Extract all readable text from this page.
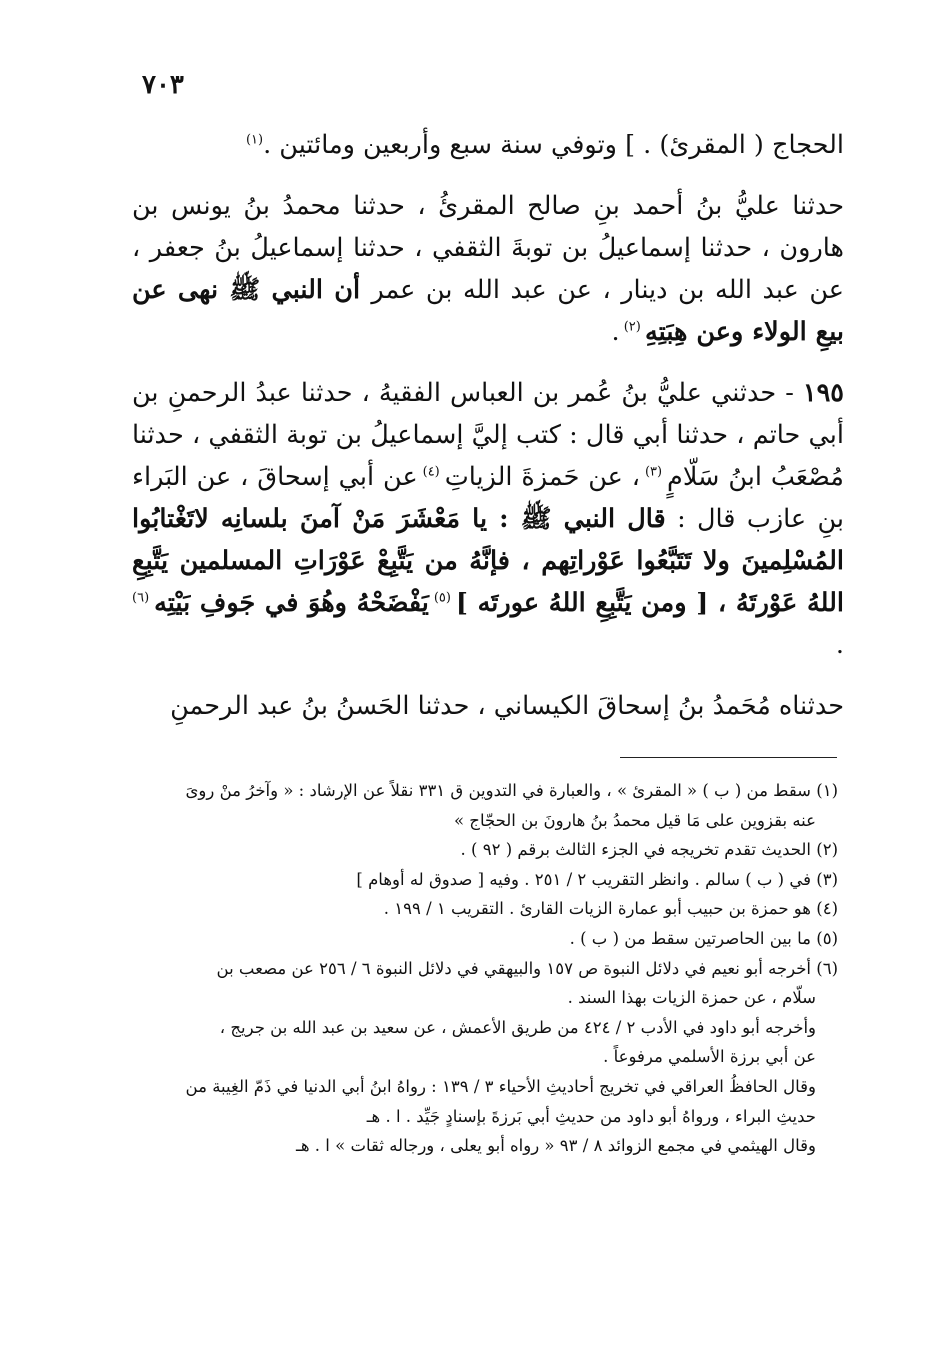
٧٠٣

الحجاج ( المقرئ) . ] وتوفي سنة سبع وأربعين ومائتين .$^{(١)}$

حدثنا عليُّ بنُ أحمد بنِ صالح المقرئُ ، حدثنا محمدُ بنُ يونس بن هارون ، حدثنا إسماعيلُ بن توبةَ الثقفي ، حدثنا إسماعيلُ بنُ جعفر ، عن عبد الله بن دينار ، عن عبد الله بن عمر أن النبي ﷺ نهى عن بيعِ الولاء وعن هِبَتِهِ $^{(٢)}$ .

١٩٥ - حدثني عليُّ بنُ عُمر بن العباس الفقيهُ ، حدثنا عبدُ الرحمنِ بن أبي حاتم ، حدثنا أبي قال : كتب إليَّ إسماعيلُ بن توبة الثقفي ، حدثنا مُصْعَبُ ابنُ سَلّامٍ $^{(٣)}$ ، عن حَمزةَ الزياتِ $^{(٤)}$ عن أبي إسحاقَ ، عن البَراء بنِ عازب قال : قال النبي ﷺ : يا مَعْشَرَ مَنْ آمنَ بلسانِه لاتَغْتابُوا المُسْلِمينَ ولا تَتَبَّعُوا عَوْراتِهم ، فإنَّهُ من يَتَّبِعْ عَوْرَاتِ المسلمين يَتَّبِعِ اللهُ عَوْرتَهُ ، [ ومن يَتَّبِعِ اللهُ عورتَه ] $^{(٥)}$ يَفْضَحْهُ وهُوَ في جَوفِ بَيْتِه $^{(٦)}$ .

حدثناه مُحَمدُ بنُ إسحاقَ الكيساني ، حدثنا الحَسنُ بنُ عبد الرحمنِ

(١) سقط من ( ب ) « المقرئ » ، والعبارة في التدوين ق ٣٣١ نقلاً عن الإرشاد : « وآخرُ منْ روىَ

عنه بقزوين على مَا قيل محمدُ بنُ هارونَ بن الحجّاج »

(٢) الحديث تقدم تخريجه في الجزء الثالث برقم ( ٩٢ ) .

(٣) في ( ب ) سالم . وانظر التقريب ٢ / ٢٥١ . وفيه [ صدوق له أوهام ]

(٤) هو حمزة بن حبيب أبو عمارة الزيات القارئ . التقريب ١ / ١٩٩ .

(٥) ما بين الحاصرتين سقط من ( ب ) .

(٦) أخرجه أبو نعيم في دلائل النبوة ص ١٥٧ والبيهقي في دلائل النبوة ٦ / ٢٥٦ عن مصعب بن

سلّام ، عن حمزة الزيات بهذا السند .

وأخرجه أبو داود في الأدب ٢ / ٤٢٤ من طريق الأعمش ، عن سعيد بن عبد الله بن جريج ،

عن أبي برزة الأسلمي مرفوعاً .

وقال الحافظُ العراقي في تخريج أحاديثِ الأحياء ٣ / ١٣٩ : رواهُ ابنُ أبي الدنيا في ذَمّ الغِيبة من

حديثِ البراء ، ورواهُ أبو داود من حديثِ أبي بَرزةَ بإسنادٍ جَيِّد . ا . هـ

وقال الهيثمي في مجمع الزوائد ٨ / ٩٣ « رواه أبو يعلى ، ورجاله ثقات » ا . هـ
